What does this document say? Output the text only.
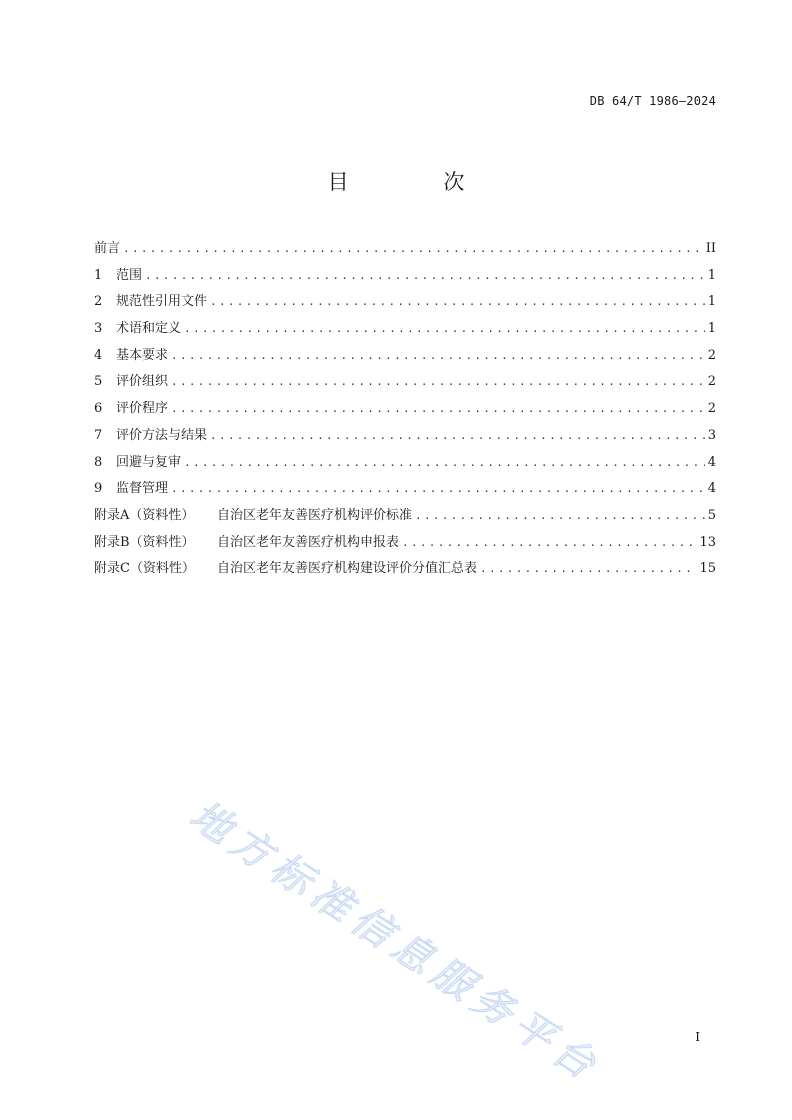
DB 64/T 1986—2024
目 次
前言 .....	II
1	范围 .....	1
2	规范性引用文件 .....	1
3	术语和定义 .....	1
4	基本要求 .....	2
5	评价组织 .....	2
6	评价程序 .....	2
7	评价方法与结果 .....	3
8	回避与复审 .....	4
9	监督管理 .....	4
附录A（资料性）	自治区老年友善医疗机构评价标准 .....	5
附录B（资料性）	自治区老年友善医疗机构申报表 .....	13
附录C（资料性）	自治区老年友善医疗机构建设评价分值汇总表 .....	15
地方标准信息服务平台	I
